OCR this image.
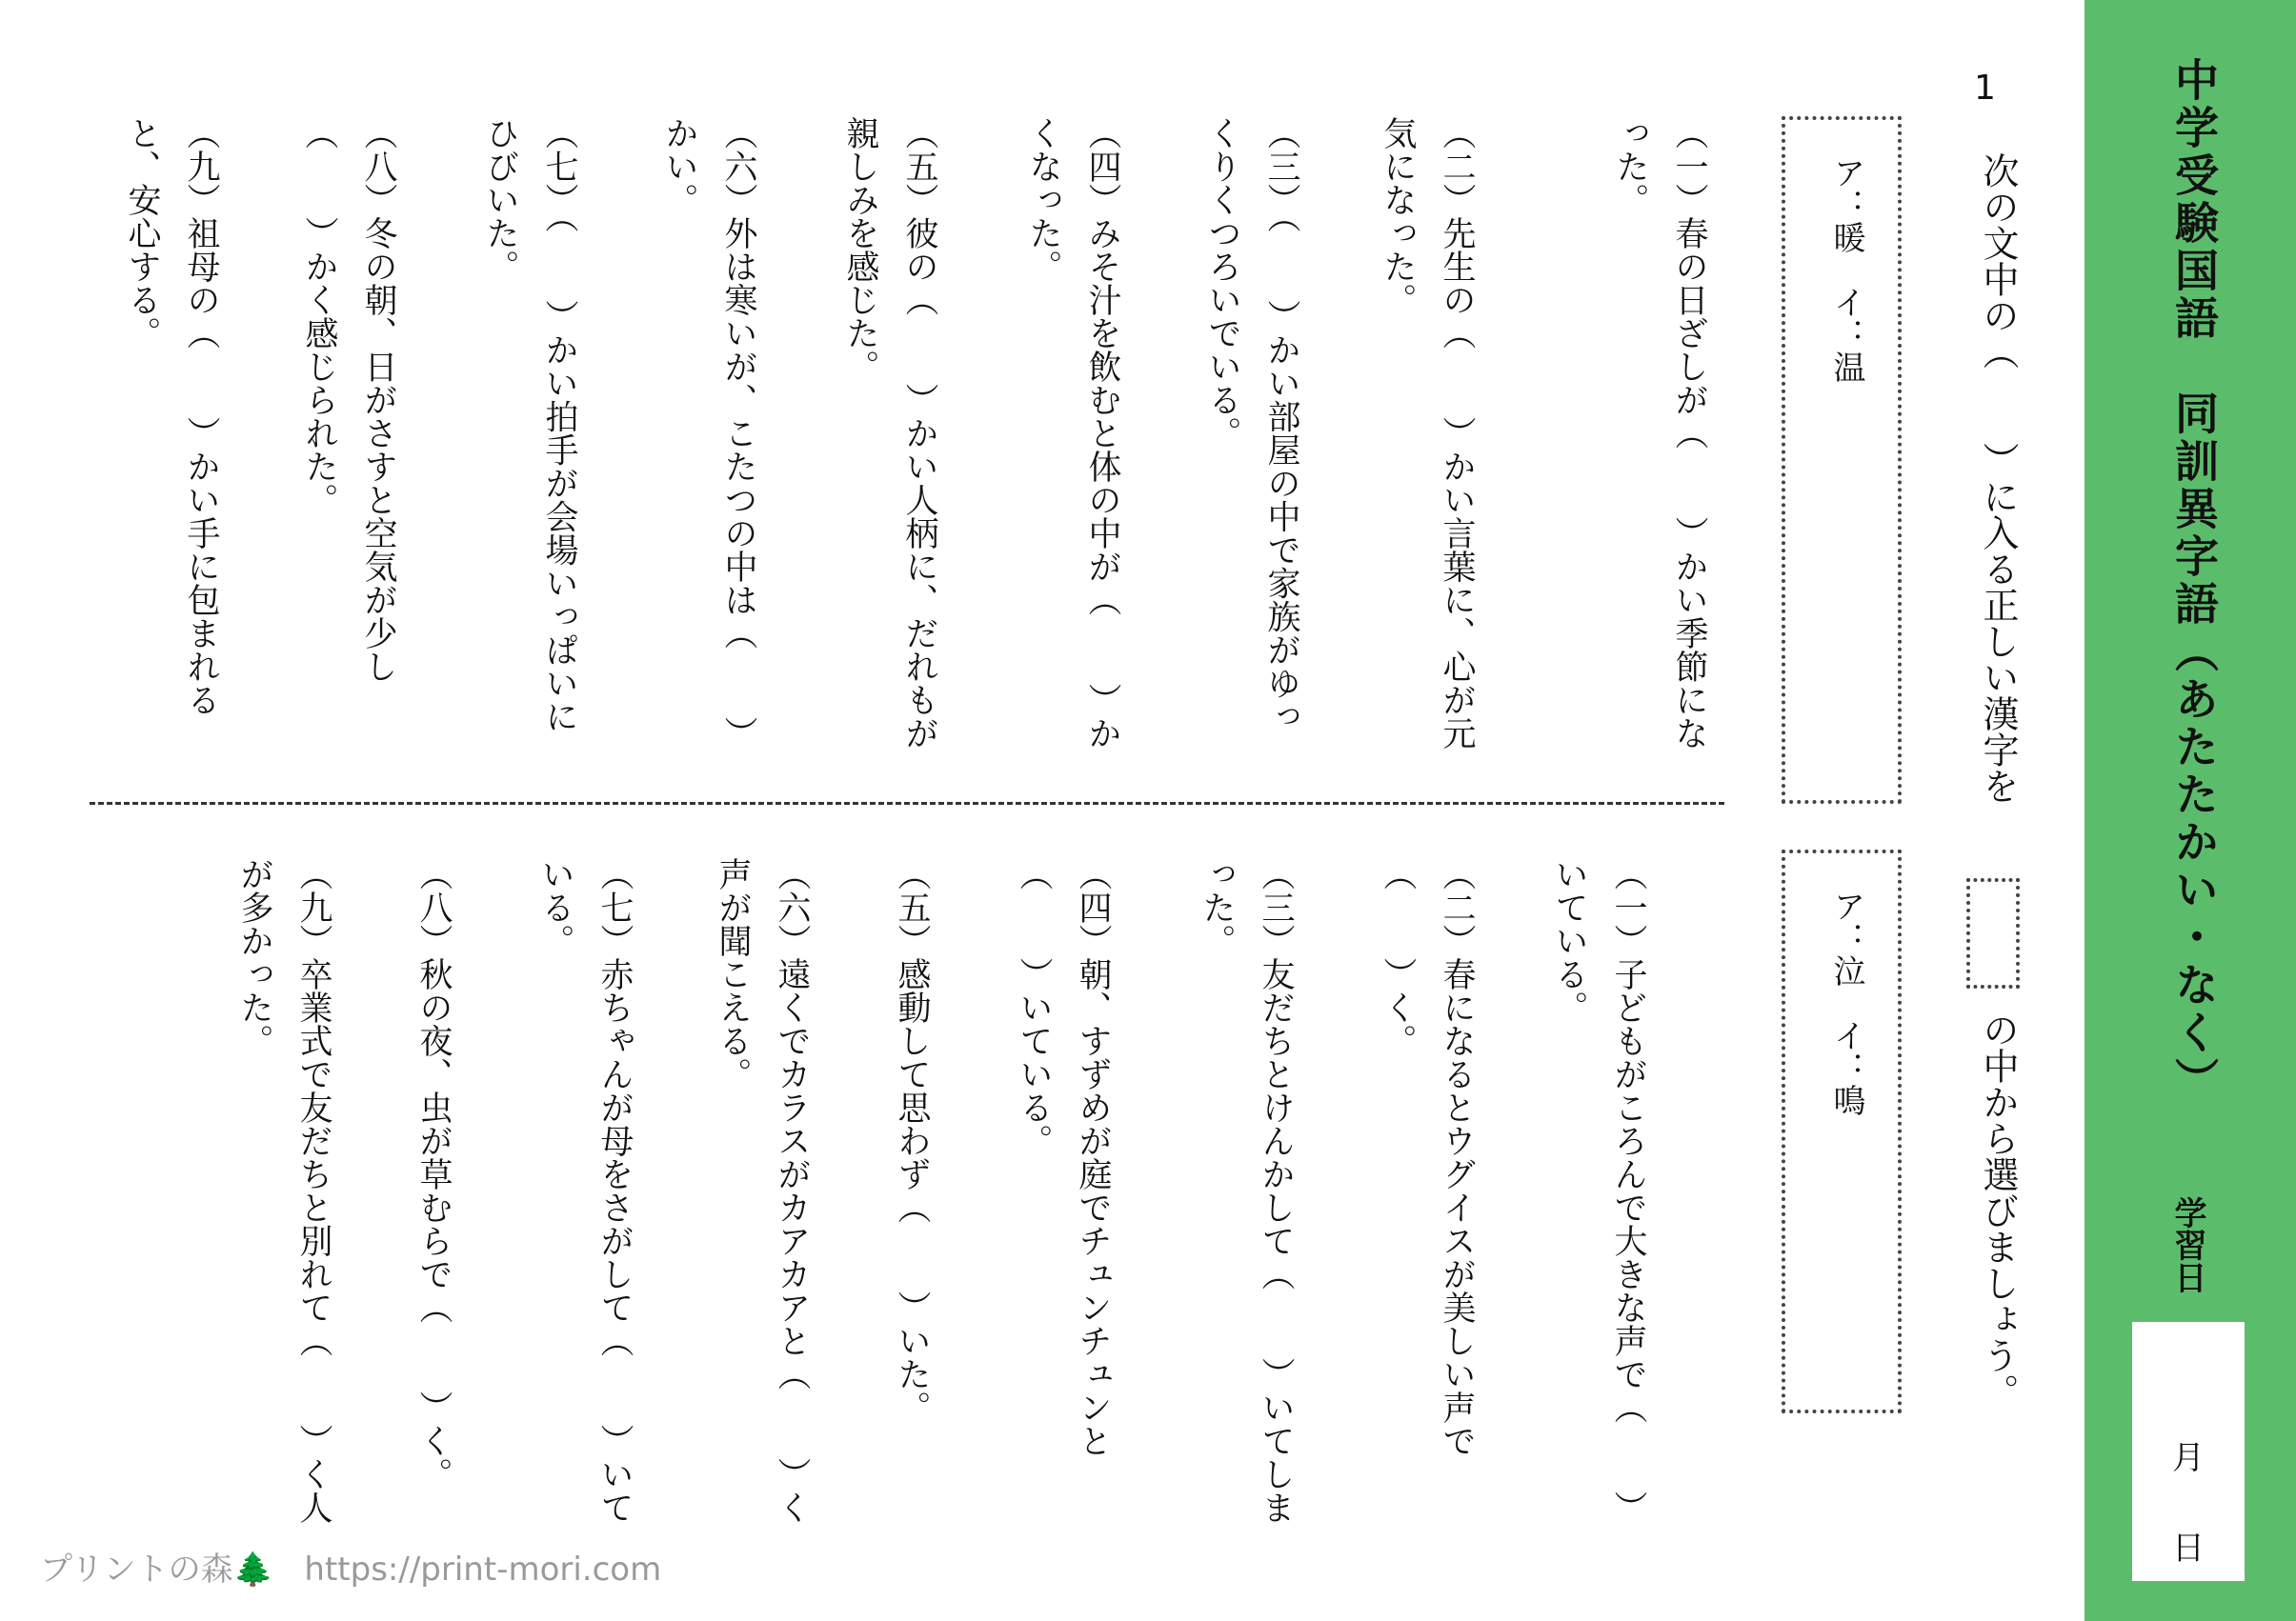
中学受験国語　同訓異字語（あたたかい・なく）
学習日
月
日
1
次の文中の（　　）に入る正しい漢字を
の中から選びましょう。
ア：暖　イ：温
ア：泣　イ：鳴
（一）春の日ざしが（　　）かい季節になった。
（二）先生の（　　）かい言葉に、心が元気になった。
（三）（　　）かい部屋の中で家族がゆっくりくつろいでいる。
（四）みそ汁を飲むと体の中が（　　）かくなった。
（五）彼の（　　）かい人柄に、だれもが親しみを感じた。
（六）外は寒いが、こたつの中は（　　）かい。
（七）（　　）かい拍手が会場いっぱいにひびいた。
（八）冬の朝、日がさすと空気が少し（　　）かく感じられた。
（九）祖母の（　　）かい手に包まれると、安心する。
（一）子どもがころんで大きな声で（　　）いている。
（二）春になるとウグイスが美しい声で（　　）く。
（三）友だちとけんかして（　　）いてしまった。
（四）朝、すずめが庭でチュンチュンと（　　）いている。
（五）感動して思わず（　　）いた。
（六）遠くでカラスがカアカアと（　　）く声が聞こえる。
（七）赤ちゃんが母をさがして（　　）いている。
（八）秋の夜、虫が草むらで（　　）く。
（九）卒業式で友だちと別れて（　　）く人が多かった。
プリントの森🌲 https://print-mori.com
